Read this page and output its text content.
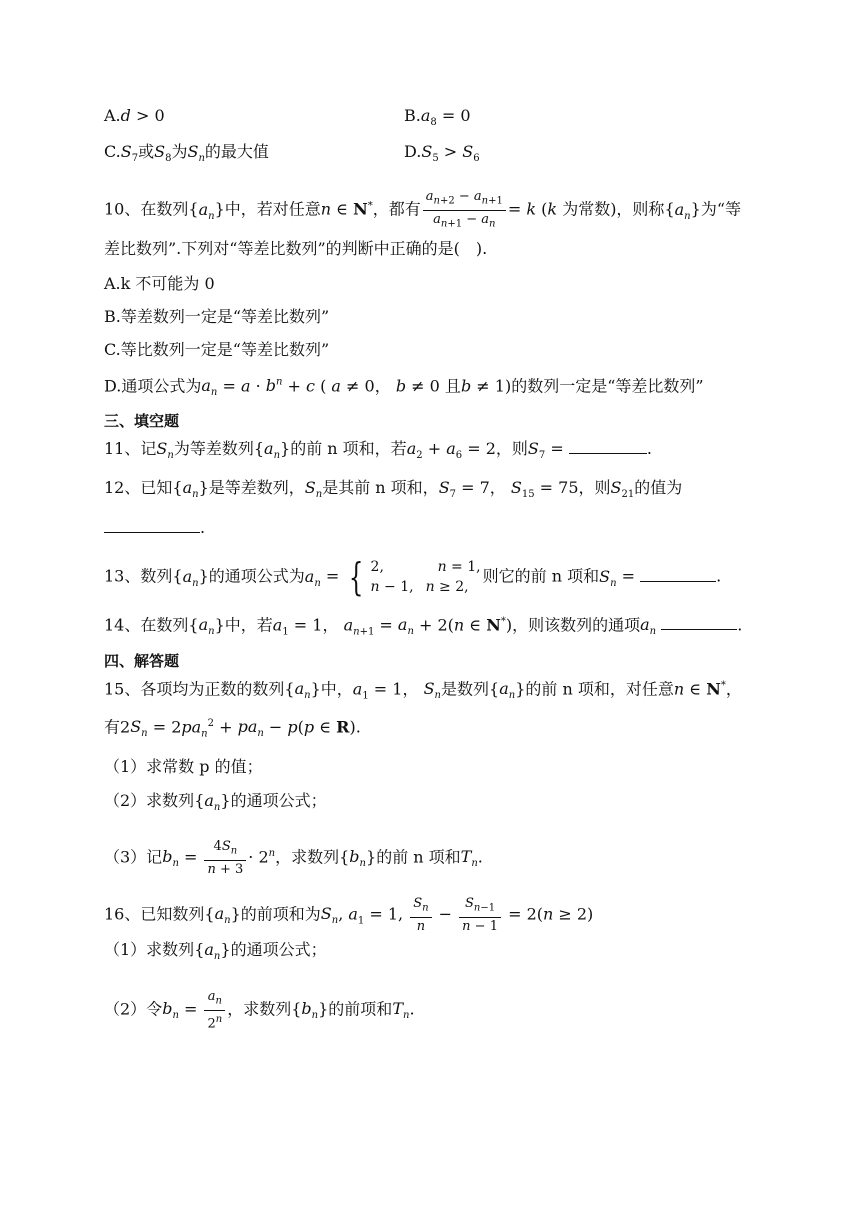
A.d > 0	$B.a_8 = 0$
$C.S_7$或$S_8$为$S_n$的最大值	$D.S_5 > S_6$
10、在数列$\{a_n\}$中，若对任意n ∈ N*，都有 $\frac{a_{n+2} - a_{n+1}}{a_{n+1} - a_n} = k$ (k 为常数)，则称$\{a_n\}$为“等
差比数列”.下列对“等差比数列”的判断中正确的是(　).
A.k 不可能为 0
B.等差数列一定是“等差比数列”
C.等比数列一定是“等差比数列”
D.通项公式为$a_n = a \cdot b^n + c$ ( a ≠ 0， b ≠ 0 且b ≠ 1)的数列一定是“等差比数列”
三、填空题
11、记$S_n$为等差数列$\{a_n\}$的前 n 项和，若$a_2 + a_6 = 2$，则$S_7$ =	.
12、已知$\{a_n\}$是等差数列，$S_n$是其前 n 项和，$S_7 = 7$， $S_{15} = 75$，则$S_{21}$的值为
.
13、数列$\{a_n\}$的通项公式为$a_n$ = { 2,	n = 1,
n − 1,	n ≥ 2,则它的前 n 项和$S_n$ =	.
14、在数列$\{a_n\}$中，若$a_1 = 1$， $a_{n+1} = a_n + 2(n$ ∈ N*)，则该数列的通项$a_n$	.
四、解答题
15、各项均为正数的数列$\{a_n\}$中，$a_1 = 1$， $S_n$是数列$\{a_n\}$的前 n 项和，对任意n ∈ N*，
有$2S_n = 2pa_n^2 + pa_n - p(p$ ∈ R).
（1）求常数 p 的值；
（2）求数列$\{a_n\}$的通项公式；
（3）记$b_n = \frac{4S_n}{n + 3} \cdot 2^n$，求数列$\{b_n\}$的前 n 项和$T_n$.
16、已知数列$\{a_n\}$的前项和为$S_n$, $a_1 = 1$, $\frac{S_n}{n} - \frac{S_{n-1}}{n - 1} = 2(n \ge 2)$
（1）求数列$\{a_n\}$的通项公式；
（2）令$b_n = \frac{a_n}{2^n}$ ，求数列$\{b_n\}$的前项和$T_n$.
